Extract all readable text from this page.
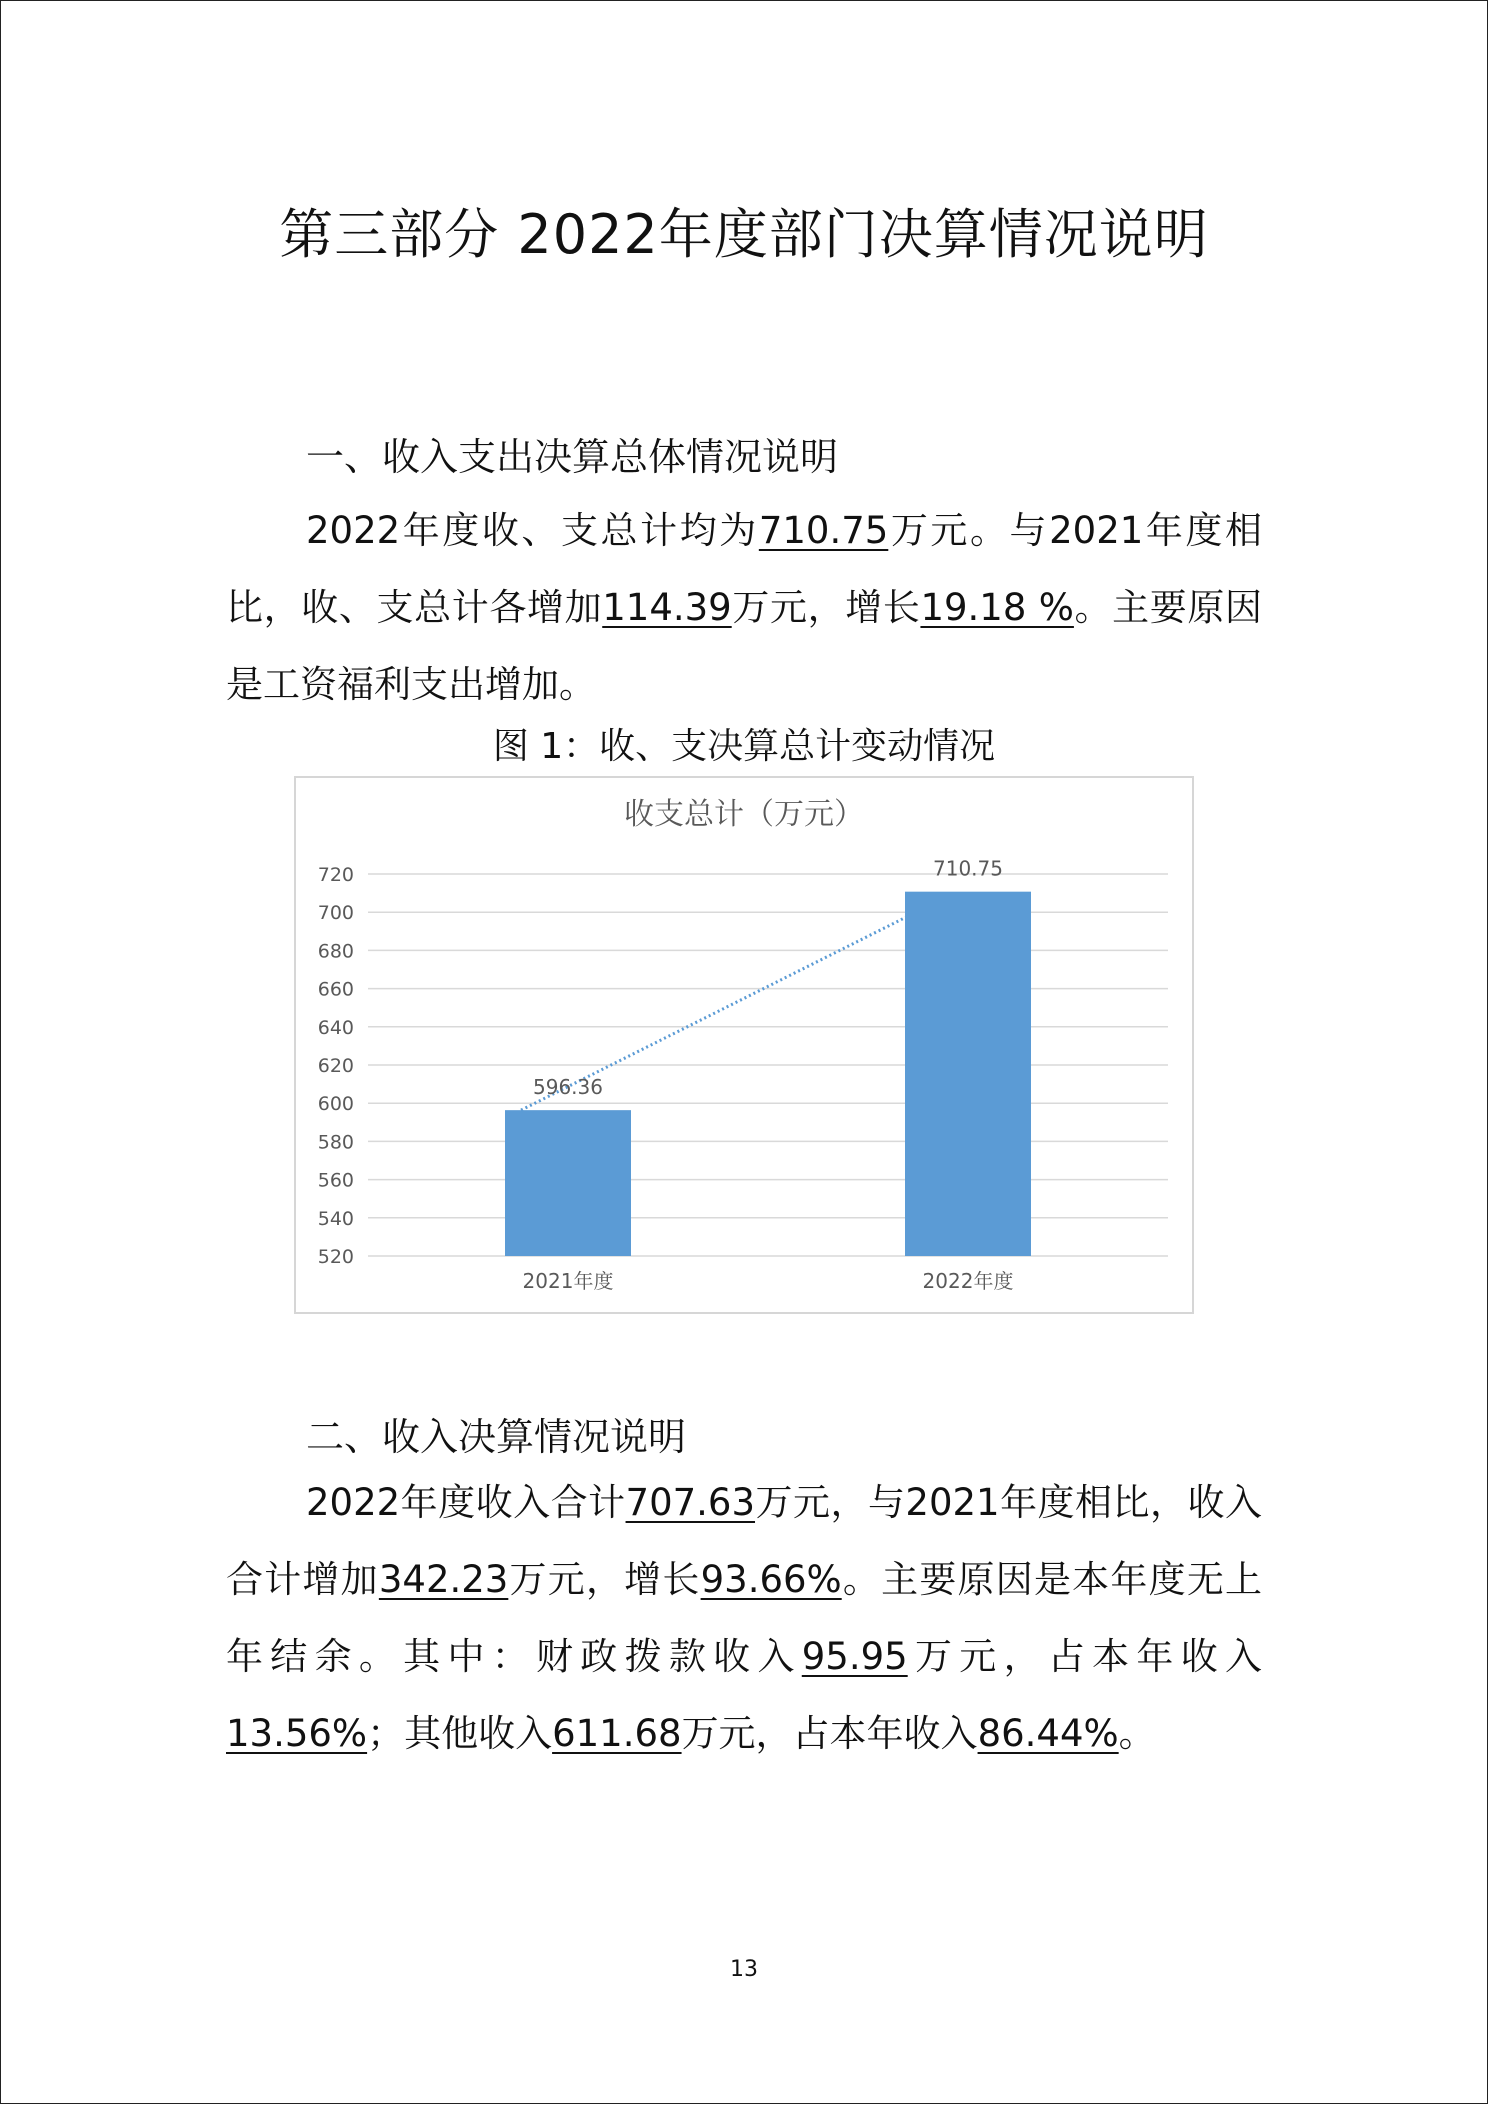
第三部分 2022年度部门决算情况说明
一、收入支出决算总体情况说明
2022年度收、支总计均为710.75万元。与2021年度相比，收、支总计各增加114.39万元，增长19.18 %。主要原因是工资福利支出增加。
图 1：收、支决算总计变动情况
收支总计（万元）
520
540
560
580
600
620
640
660
680
700
720
596.36
710.75
2021年度	2022年度
二、收入决算情况说明
2022年度收入合计707.63万元，与2021年度相比，收入合计增加342.23万元，增长93.66%。主要原因是本年度无上年结余。其中：财政拨款收入95.95万元，占本年收入13.56%；其他收入611.68万元，占本年收入86.44%。
13
